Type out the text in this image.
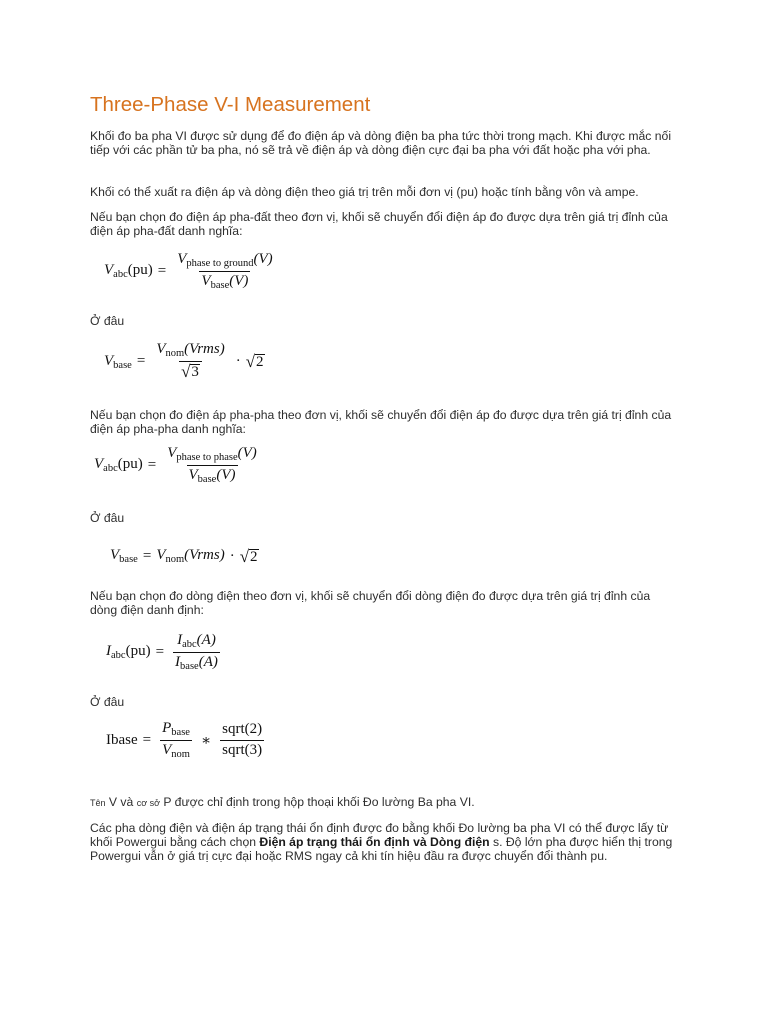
Three-Phase V-I Measurement

Khối đo ba pha VI được sử dụng để đo điện áp và dòng điện ba pha tức thời trong mạch. Khi được mắc nối tiếp với các phần tử ba pha, nó sẽ trả về điện áp và dòng điện cực đại ba pha với đất hoặc pha với pha.

Khối có thể xuất ra điện áp và dòng điện theo giá trị trên mỗi đơn vị (pu) hoặc tính bằng vôn và ampe.

Nếu bạn chọn đo điện áp pha-đất theo đơn vị, khối sẽ chuyển đổi điện áp đo được dựa trên giá trị đỉnh của điện áp pha-đất danh nghĩa:

$V_{abc}(pu) = \frac{V_{phase to ground}(V)}{V_{base}(V)}$

Ở đâu

$V_{base} = \frac{V_{nom}(Vrms)}{√ 3}$ · √ 2

Nếu bạn chọn đo điện áp pha-pha theo đơn vị, khối sẽ chuyển đổi điện áp đo được dựa trên giá trị đỉnh của điện áp pha-pha danh nghĩa:

$V_{abc}(pu) = \frac{V_{phase to phase}(V)}{V_{base}(V)}$

Ở đâu

$V_{base}$ = $V_{nom}(Vrms)$ · √ 2

Nếu bạn chọn đo dòng điện theo đơn vị, khối sẽ chuyển đổi dòng điện đo được dựa trên giá trị đỉnh của dòng điện danh định:

$I_{abc}(pu) = \frac{I_{abc}(A)}{I_{base}(A)}$

Ở đâu

Ibase = $\frac{P_{base}}{V_{nom}}$ ∗ $\frac{\text{sqrt(2)}}{\text{sqrt(3)}}$

Tên V và cơ sở P được chỉ định trong hộp thoại khối Đo lường Ba pha VI.

Các pha dòng điện và điện áp trạng thái ổn định được đo bằng khối Đo lường ba pha VI có thể được lấy từ khối Powergui bằng cách chọn Điện áp trạng thái ổn định và Dòng điện s. Độ lớn pha được hiển thị trong Powergui vẫn ở giá trị cực đại hoặc RMS ngay cả khi tín hiệu đầu ra được chuyển đổi thành pu.
